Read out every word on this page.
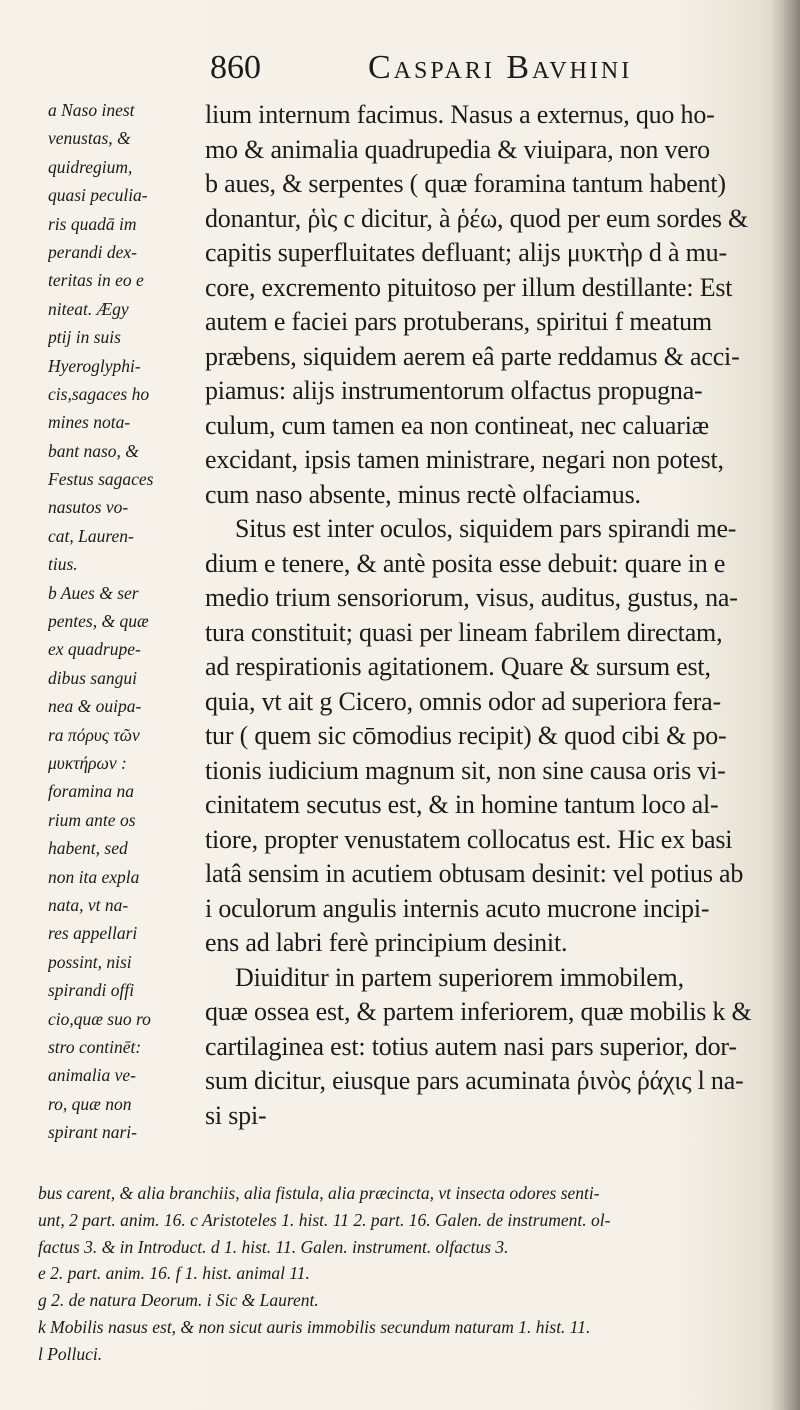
860	Caspari Bavhini
a Naso inest
venustas, &
quidregium,
quasi peculia-
ris quadā im
perandi dex-
teritas in eo e
niteat. Ægy
ptij in suis
Hyeroglyphi-
cis,sagaces ho
mines nota-
bant naso, &
Festus sagaces
nasutos vo-
cat, Lauren-
tius.
b Aues & ser
pentes, & quæ
ex quadrupe-
dibus sangui
nea & ouipa-
ra πόρυς τῶν
μυκτήρων :
foramina na
rium ante os
habent, sed
non ita expla
nata, vt na-
res appellari
possint, nisi
spirandi offi
cio,quæ suo ro
stro continēt:
animalia ve-
ro, quæ non
spirant nari-
lium internum facimus. Nasus a externus, quo ho-
mo & animalia quadrupedia & viuipara, non vero
b aues, & serpentes ( quæ foramina tantum habent)
donantur, ῥὶς c dicitur, à ῥέω, quod per eum sordes &
capitis superfluitates defluant; alijs μυκτὴρ d à mu-
core, excremento pituitoso per illum destillante: Est
autem e faciei pars protuberans, spiritui f meatum
præbens, siquidem aerem eâ parte reddamus & acci-
piamus: alijs instrumentorum olfactus propugna-
culum, cum tamen ea non contineat, nec caluariæ
excidant, ipsis tamen ministrare, negari non potest,
cum naso absente, minus rectè olfaciamus.
Situs est inter oculos, siquidem pars spirandi me-
dium e tenere, & antè posita esse debuit: quare in e
medio trium sensoriorum, visus, auditus, gustus, na-
tura constituit; quasi per lineam fabrilem directam,
ad respirationis agitationem. Quare & sursum est,
quia, vt ait g Cicero, omnis odor ad superiora fera-
tur ( quem sic cōmodius recipit) & quod cibi & po-
tionis iudicium magnum sit, non sine causa oris vi-
cinitatem secutus est, & in homine tantum loco al-
tiore, propter venustatem collocatus est. Hic ex basi
latâ sensim in acutiem obtusam desinit: vel potius ab
i oculorum angulis internis acuto mucrone incipi-
ens ad labri ferè principium desinit.
Diuiditur in partem superiorem immobilem,
quæ ossea est, & partem inferiorem, quæ mobilis k &
cartilaginea est: totius autem nasi pars superior, dor-
sum dicitur, eiusque pars acuminata ῥινὸς ῥάχις l na-
si spi-
bus carent, & alia branchiis, alia fistula, alia præcincta, vt insecta odores senti-
unt, 2 part. anim. 16. c Aristoteles 1. hist. 11 2. part. 16. Galen. de instrument. ol-
factus 3. & in Introduct. d 1. hist. 11. Galen. instrument. olfactus 3.
e 2. part. anim. 16. f 1. hist. animal 11.
g 2. de natura Deorum. i Sic & Laurent.
k Mobilis nasus est, & non sicut auris immobilis secundum naturam 1. hist. 11.
l Polluci.
